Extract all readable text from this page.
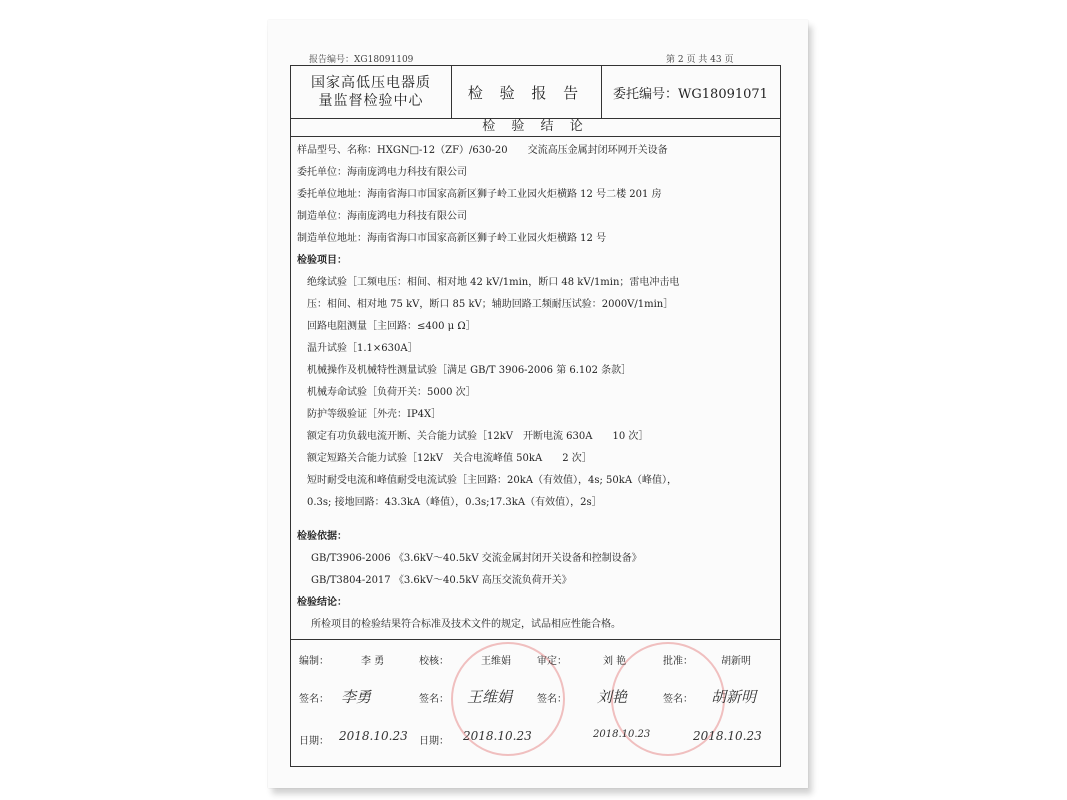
报告编号：XG18091109	第 2 页 共 43 页
国家高低压电器质
量监督检验中心	检 验 报 告	委托编号：WG18091071
检 验 结 论
样品型号、名称：HXGN□-12（ZF）/630-20　　交流高压金属封闭环网开关设备
委托单位：海南庞鸿电力科技有限公司
委托单位地址：海南省海口市国家高新区狮子岭工业园火炬横路 12 号二楼 201 房
制造单位：海南庞鸿电力科技有限公司
制造单位地址：海南省海口市国家高新区狮子岭工业园火炬横路 12 号
检验项目：
绝缘试验［工频电压：相间、相对地 42 kV/1min，断口 48 kV/1min；雷电冲击电
压：相间、相对地 75 kV，断口 85 kV；辅助回路工频耐压试验：2000V/1min］
回路电阻测量［主回路：≤400 μ Ω］
温升试验［1.1×630A］
机械操作及机械特性测量试验［满足 GB/T 3906-2006 第 6.102 条款］
机械寿命试验［负荷开关：5000 次］
防护等级验证［外壳：IP4X］
额定有功负载电流开断、关合能力试验［12kV　开断电流 630A　　10 次］
额定短路关合能力试验［12kV　关合电流峰值 50kA　　2 次］
短时耐受电流和峰值耐受电流试验［主回路：20kA（有效值），4s; 50kA（峰值），
0.3s; 接地回路：43.3kA（峰值），0.3s;17.3kA（有效值），2s］
检验依据：
GB/T3906-2006 《3.6kV～40.5kV 交流金属封闭开关设备和控制设备》
GB/T3804-2017 《3.6kV～40.5kV 高压交流负荷开关》
检验结论：
所检项目的检验结果符合标准及技术文件的规定，试品相应性能合格。
编制：	李 勇	校核：	王维娟	审定：	刘 艳	批准：	胡新明
签名： 李勇	签名： 王维娟 签名： 刘艳	签名： 胡新明
日期： 2018.10.23 日期： 2018.10.23	2018.10.23	2018.10.23
